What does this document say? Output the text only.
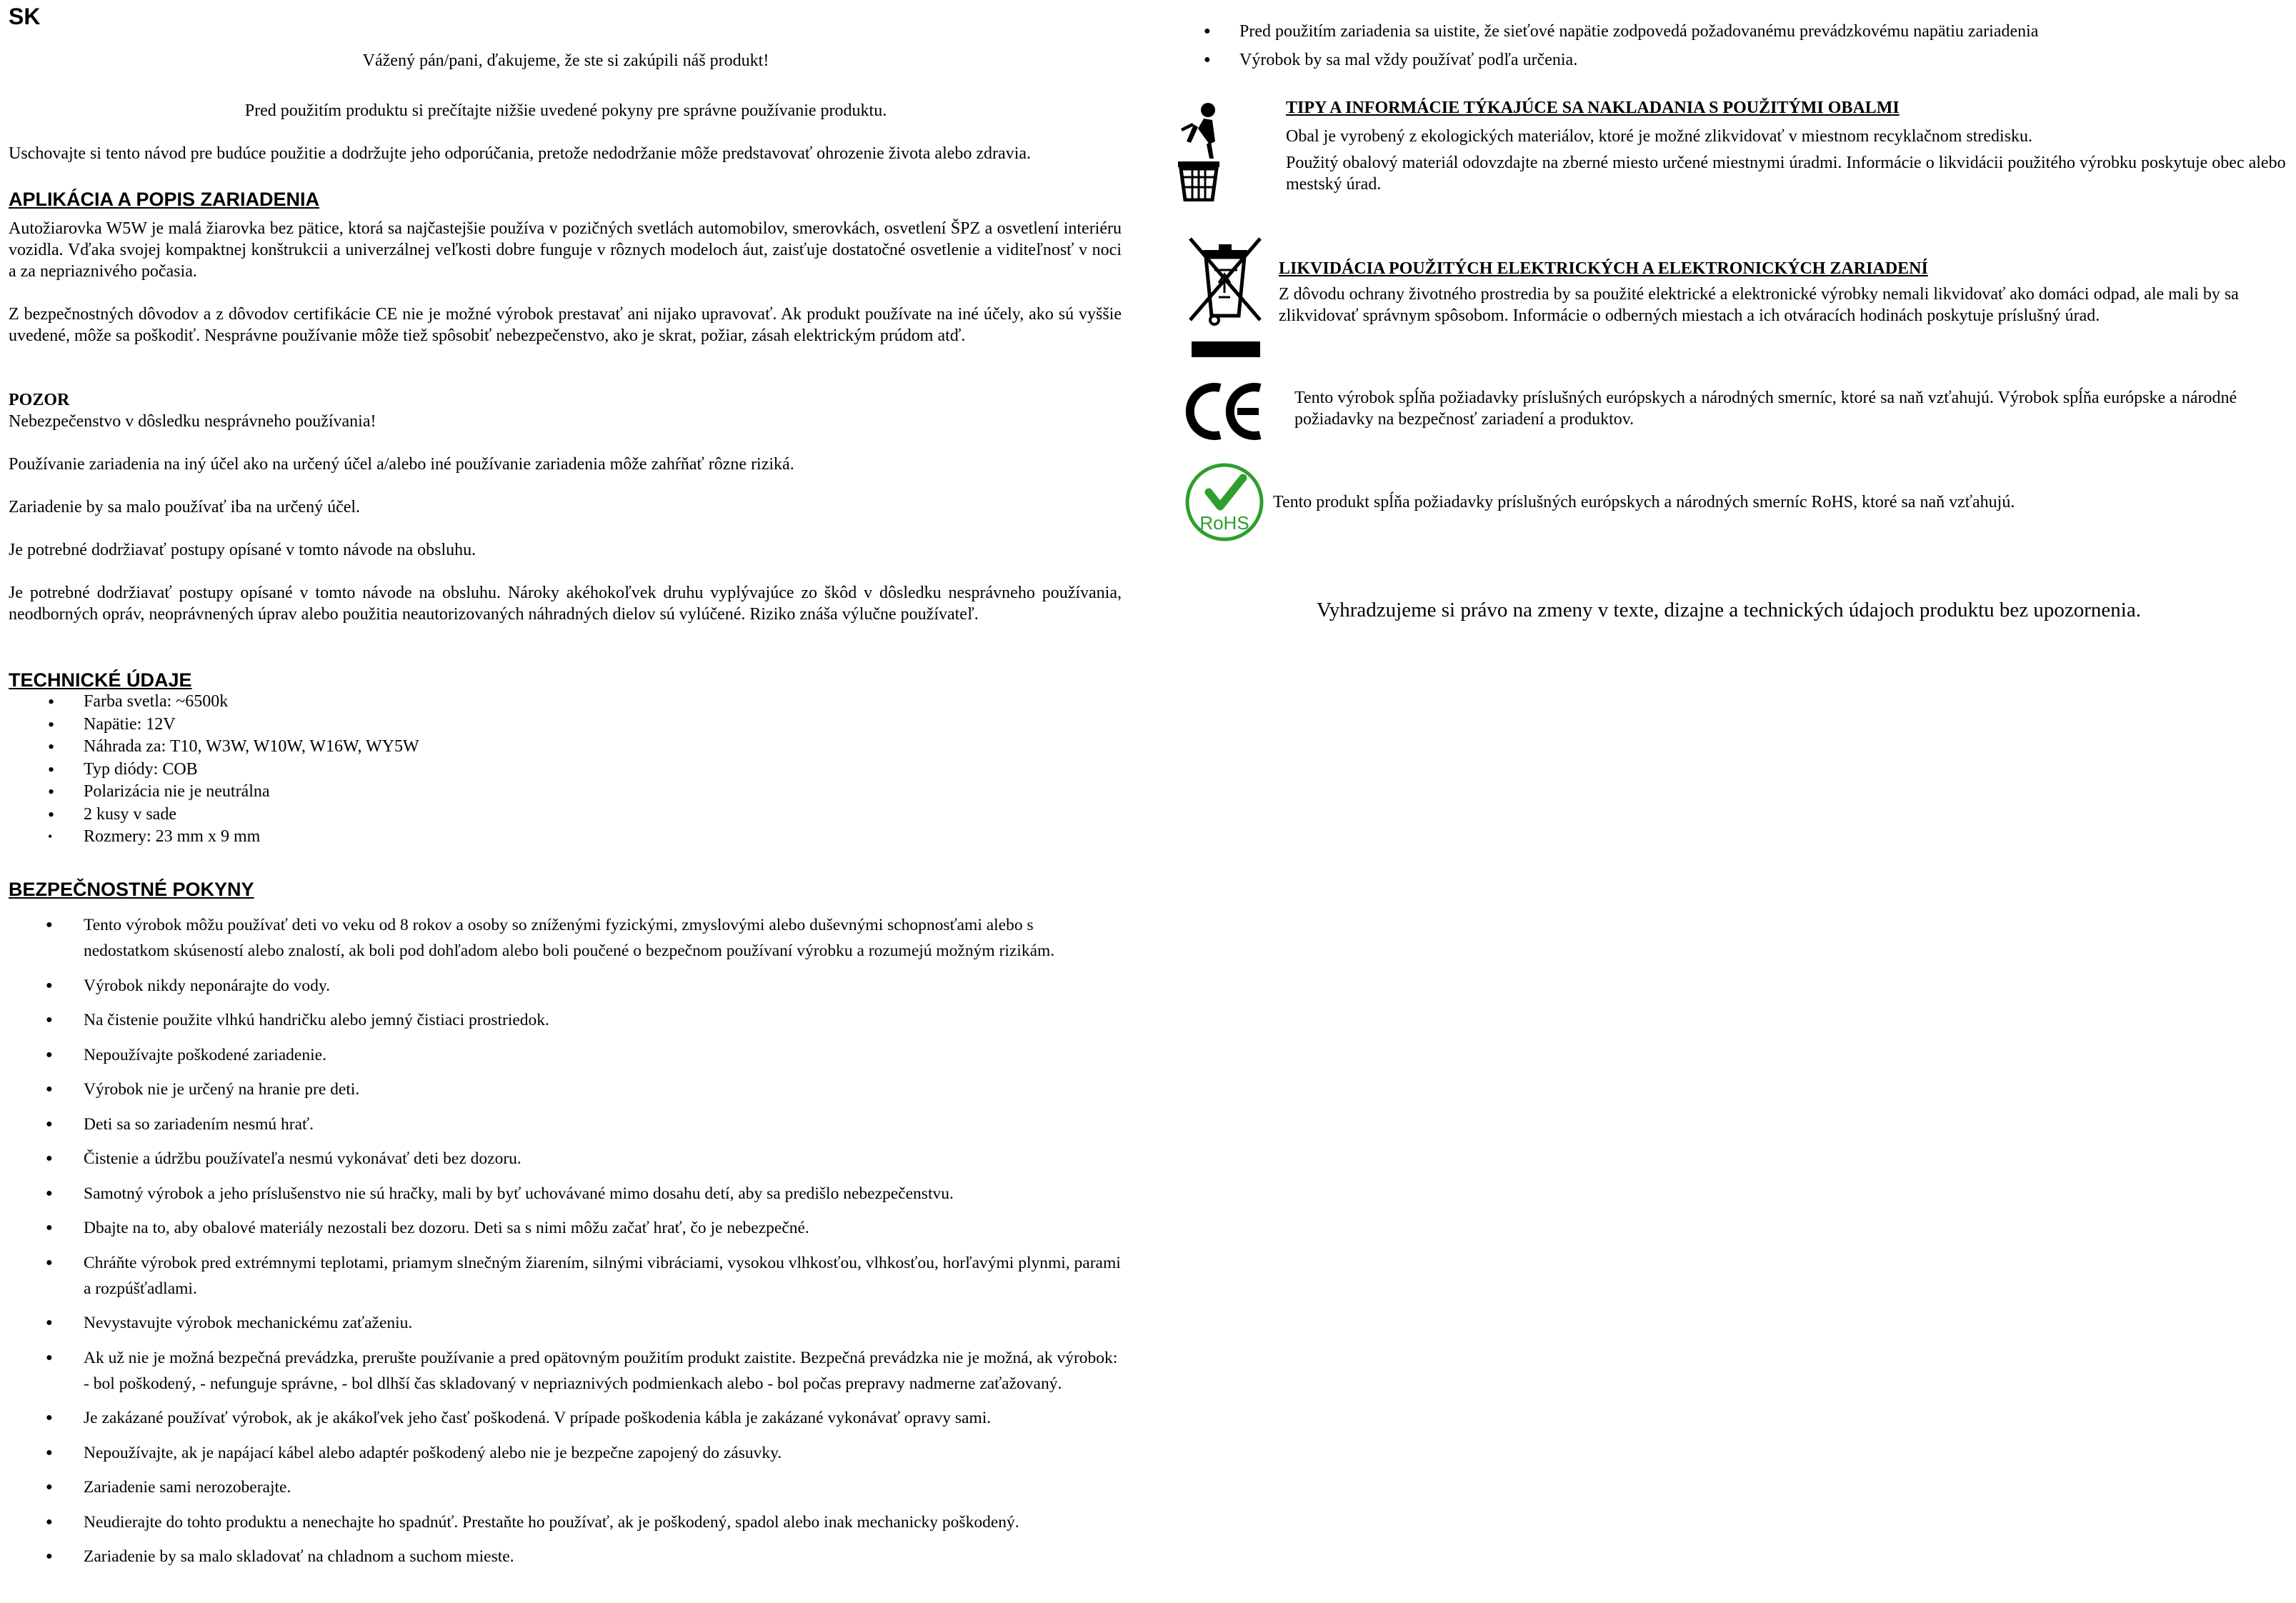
SK
Vážený pán/pani, ďakujeme, že ste si zakúpili náš produkt!
Pred použitím produktu si prečítajte nižšie uvedené pokyny pre správne používanie produktu.
Uschovajte si tento návod pre budúce použitie a dodržujte jeho odporúčania, pretože nedodržanie môže predstavovať ohrozenie života alebo zdravia.
APLIKÁCIA A POPIS ZARIADENIA
Autožiarovka W5W je malá žiarovka bez pätice, ktorá sa najčastejšie používa v pozičných svetlách automobilov, smerovkách, osvetlení ŠPZ a osvetlení interiéru vozidla. Vďaka svojej kompaktnej konštrukcii a univerzálnej veľkosti dobre funguje v rôznych modeloch áut, zaisťuje dostatočné osvetlenie a viditeľnosť v noci a za nepriaznivého počasia.
Z bezpečnostných dôvodov a z dôvodov certifikácie CE nie je možné výrobok prestavať ani nijako upravovať. Ak produkt používate na iné účely, ako sú vyššie uvedené, môže sa poškodiť. Nesprávne používanie môže tiež spôsobiť nebezpečenstvo, ako je skrat, požiar, zásah elektrickým prúdom atď.
POZOR
Nebezpečenstvo v dôsledku nesprávneho používania!
Používanie zariadenia na iný účel ako na určený účel a/alebo iné používanie zariadenia môže zahŕňať rôzne riziká.
Zariadenie by sa malo používať iba na určený účel.
Je potrebné dodržiavať postupy opísané v tomto návode na obsluhu.
Je potrebné dodržiavať postupy opísané v tomto návode na obsluhu. Nároky akéhokoľvek druhu vyplývajúce zo škôd v dôsledku nesprávneho používania, neodborných opráv, neoprávnených úprav alebo použitia neautorizovaných náhradných dielov sú vylúčené. Riziko znáša výlučne používateľ.
TECHNICKÉ ÚDAJE
• Farba svetla: ~6500k
• Napätie: 12V
• Náhrada za: T10, W3W, W10W, W16W, WY5W
• Typ diódy: COB
• Polarizácia nie je neutrálna
• 2 kusy v sade
• Rozmery: 23 mm x 9 mm
BEZPEČNOSTNÉ POKYNY
● Tento výrobok môžu používať deti vo veku od 8 rokov a osoby so zníženými fyzickými, zmyslovými alebo duševnými schopnosťami alebo s nedostatkom skúseností alebo znalostí, ak boli pod dohľadom alebo boli poučené o bezpečnom používaní výrobku a rozumejú možným rizikám.
● Výrobok nikdy neponárajte do vody.
● Na čistenie použite vlhkú handričku alebo jemný čistiaci prostriedok.
● Nepoužívajte poškodené zariadenie.
● Výrobok nie je určený na hranie pre deti.
● Deti sa so zariadením nesmú hrať.
● Čistenie a údržbu používateľa nesmú vykonávať deti bez dozoru.
● Samotný výrobok a jeho príslušenstvo nie sú hračky, mali by byť uchovávané mimo dosahu detí, aby sa predišlo nebezpečenstvu.
● Dbajte na to, aby obalové materiály nezostali bez dozoru. Deti sa s nimi môžu začať hrať, čo je nebezpečné.
● Chráňte výrobok pred extrémnymi teplotami, priamym slnečným žiarením, silnými vibráciami, vysokou vlhkosťou, vlhkosťou, horľavými plynmi, parami a rozpúšťadlami.
● Nevystavujte výrobok mechanickému zaťaženiu.
● Ak už nie je možná bezpečná prevádzka, prerušte používanie a pred opätovným použitím produkt zaistite. Bezpečná prevádzka nie je možná, ak výrobok: - bol poškodený, - nefunguje správne, - bol dlhší čas skladovaný v nepriaznivých podmienkach alebo - bol počas prepravy nadmerne zaťažovaný.
● Je zakázané používať výrobok, ak je akákoľvek jeho časť poškodená. V prípade poškodenia kábla je zakázané vykonávať opravy sami.
● Nepoužívajte, ak je napájací kábel alebo adaptér poškodený alebo nie je bezpečne zapojený do zásuvky.
● Zariadenie sami nerozoberajte.
● Neudierajte do tohto produktu a nenechajte ho spadnúť. Prestaňte ho používať, ak je poškodený, spadol alebo inak mechanicky poškodený.
● Zariadenie by sa malo skladovať na chladnom a suchom mieste.
● Pred použitím zariadenia sa uistite, že sieťové napätie zodpovedá požadovanému prevádzkovému napätiu zariadenia
● Výrobok by sa mal vždy používať podľa určenia.
TIPY A INFORMÁCIE TÝKAJÚCE SA NAKLADANIA S POUŽITÝMI OBALMI
Obal je vyrobený z ekologických materiálov, ktoré je možné zlikvidovať v miestnom recyklačnom stredisku.
Použitý obalový materiál odovzdajte na zberné miesto určené miestnymi úradmi. Informácie o likvidácii použitého výrobku poskytuje obec alebo mestský úrad.
LIKVIDÁCIA POUŽITÝCH ELEKTRICKÝCH A ELEKTRONICKÝCH ZARIADENÍ
Z dôvodu ochrany životného prostredia by sa použité elektrické a elektronické výrobky nemali likvidovať ako domáci odpad, ale mali by sa zlikvidovať správnym spôsobom. Informácie o odberných miestach a ich otváracích hodinách poskytuje príslušný úrad.
Tento výrobok spĺňa požiadavky príslušných európskych a národných smerníc, ktoré sa naň vzťahujú. Výrobok spĺňa európske a národné požiadavky na bezpečnosť zariadení a produktov.
RoHS
Tento produkt spĺňa požiadavky príslušných európskych a národných smerníc RoHS, ktoré sa naň vzťahujú.
Vyhradzujeme si právo na zmeny v texte, dizajne a technických údajoch produktu bez upozornenia.
